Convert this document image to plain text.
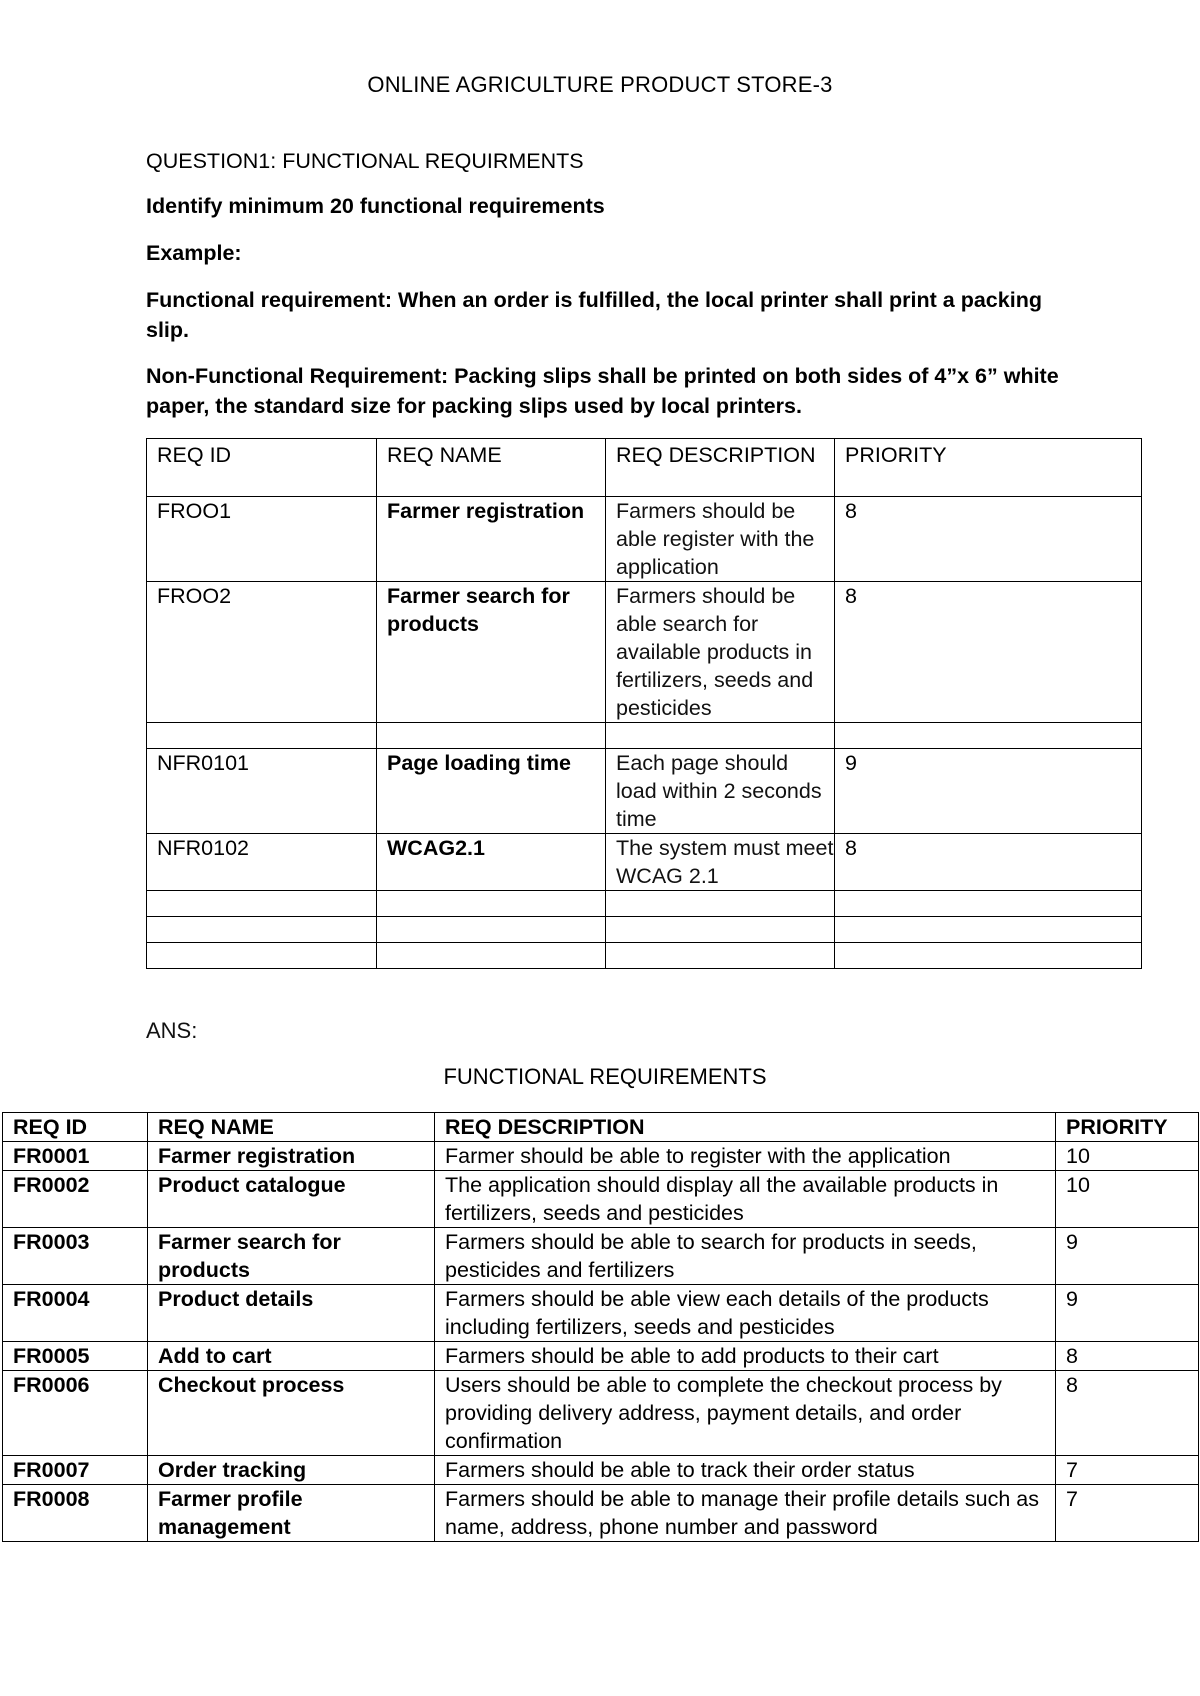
ONLINE AGRICULTURE PRODUCT STORE-3
QUESTION1: FUNCTIONAL REQUIRMENTS
Identify minimum 20 functional requirements
Example:
Functional requirement: When an order is fulfilled, the local printer shall print a packing slip.
Non-Functional Requirement: Packing slips shall be printed on both sides of 4”x 6” white paper, the standard size for packing slips used by local printers.
REQ ID	REQ NAME	REQ DESCRIPTION	PRIORITY
FROO1	Farmer registration	Farmers should be able register with the application	8
FROO2	Farmer search for products	Farmers should be able search for available products in fertilizers, seeds and pesticides	8

NFR0101	Page loading time	Each page should load within 2 seconds time	9
NFR0102	WCAG2.1	The system must meet WCAG 2.1	8

ANS:
FUNCTIONAL REQUIREMENTS
REQ ID	REQ NAME	REQ DESCRIPTION	PRIORITY
FR0001	Farmer registration	Farmer should be able to register with the application	10
FR0002	Product catalogue	The application should display all the available products in fertilizers, seeds and pesticides	10
FR0003	Farmer search for products	Farmers should be able to search for products in seeds, pesticides and fertilizers	9
FR0004	Product details	Farmers should be able view each details of the products including fertilizers, seeds and pesticides	9
FR0005	Add to cart	Farmers should be able to add products to their cart	8
FR0006	Checkout process	Users should be able to complete the checkout process by providing delivery address, payment details, and order confirmation	8
FR0007	Order tracking	Farmers should be able to track their order status	7
FR0008	Farmer profile management	Farmers should be able to manage their profile details such as name, address, phone number and password	7
